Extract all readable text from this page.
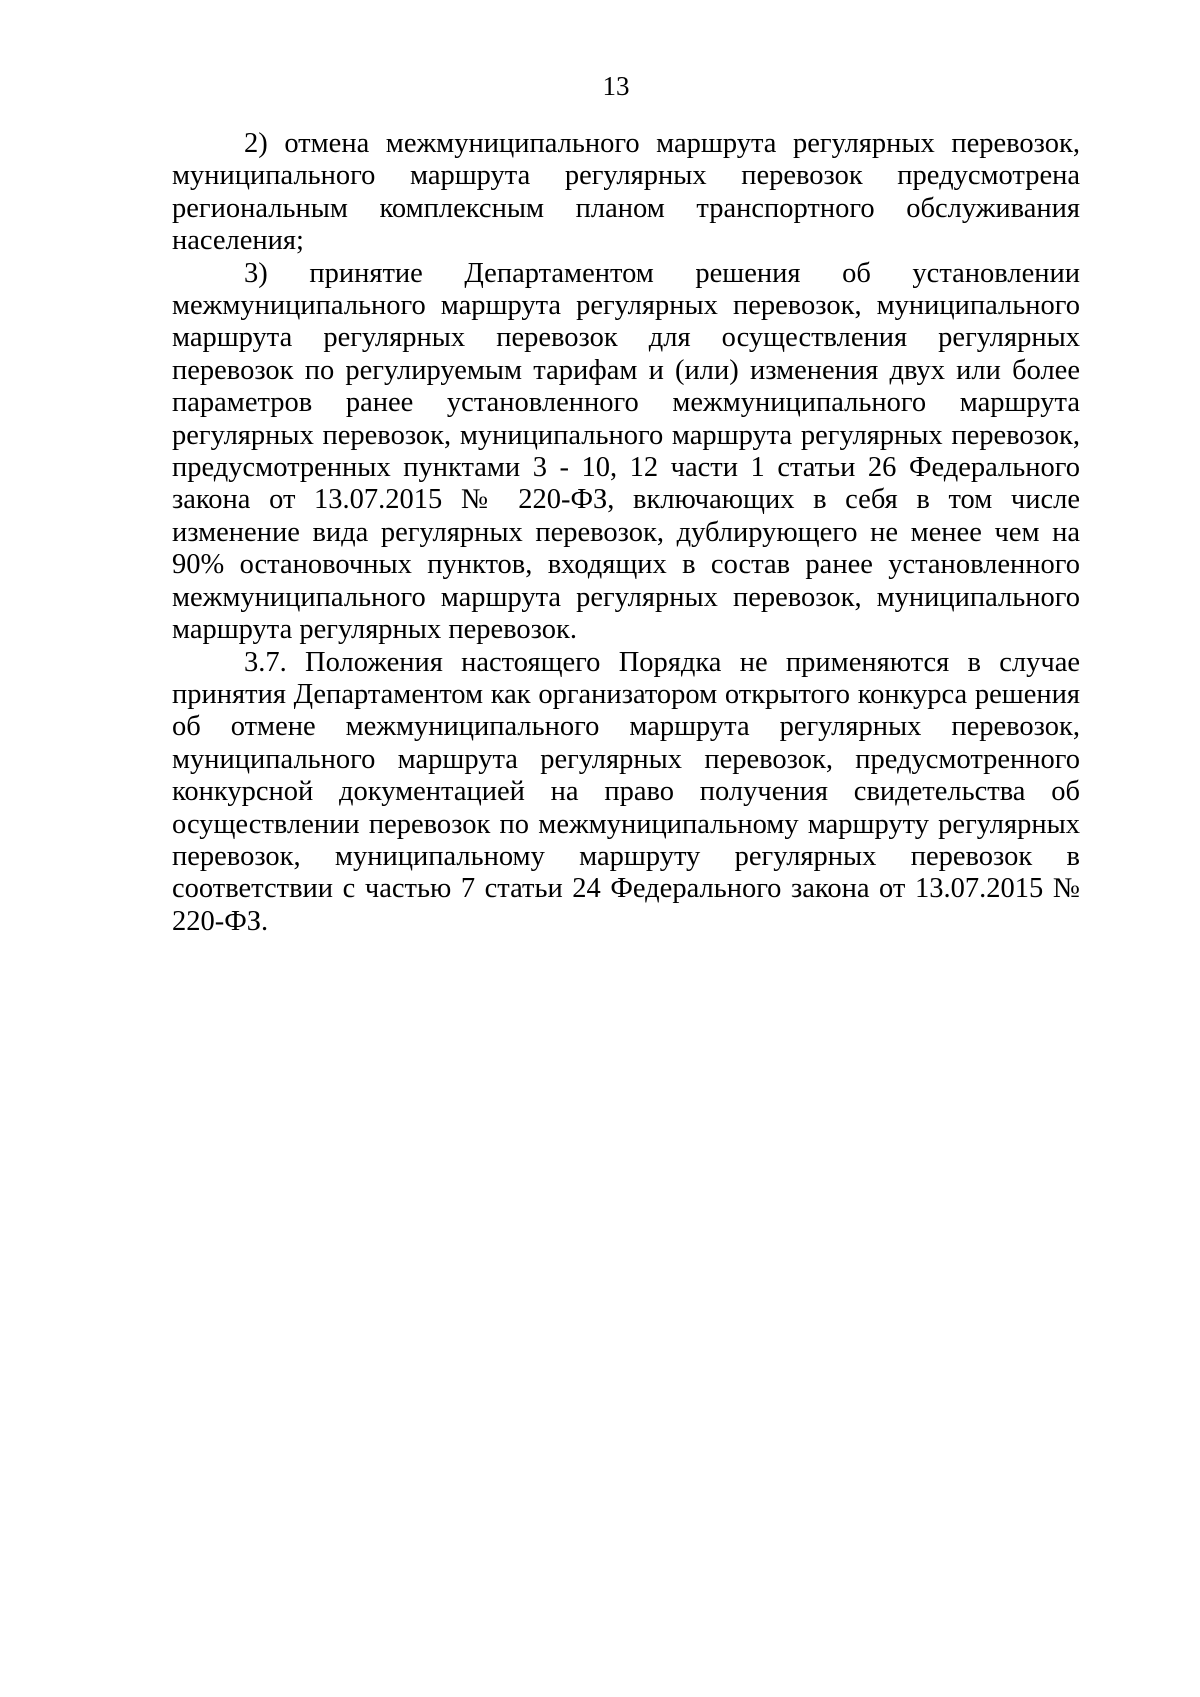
13

2) отмена межмуниципального маршрута регулярных перевозок, муниципального маршрута регулярных перевозок предусмотрена региональным комплексным планом транспортного обслуживания населения;

3) принятие Департаментом решения об установлении межмуниципального маршрута регулярных перевозок, муниципального маршрута регулярных перевозок для осуществления регулярных перевозок по регулируемым тарифам и (или) изменения двух или более параметров ранее установленного межмуниципального маршрута регулярных перевозок, муниципального маршрута регулярных перевозок, предусмотренных пунктами 3 - 10, 12 части 1 статьи 26 Федерального закона от 13.07.2015 № 220-ФЗ, включающих в себя в том числе изменение вида регулярных перевозок, дублирующего не менее чем на 90% остановочных пунктов, входящих в состав ранее установленного межмуниципального маршрута регулярных перевозок, муниципального маршрута регулярных перевозок.

3.7. Положения настоящего Порядка не применяются в случае принятия Департаментом как организатором открытого конкурса решения об отмене межмуниципального маршрута регулярных перевозок, муниципального маршрута регулярных перевозок, предусмотренного конкурсной документацией на право получения свидетельства об осуществлении перевозок по межмуниципальному маршруту регулярных перевозок, муниципальному маршруту регулярных перевозок в соответствии с частью 7 статьи 24 Федерального закона от 13.07.2015 № 220-ФЗ.
